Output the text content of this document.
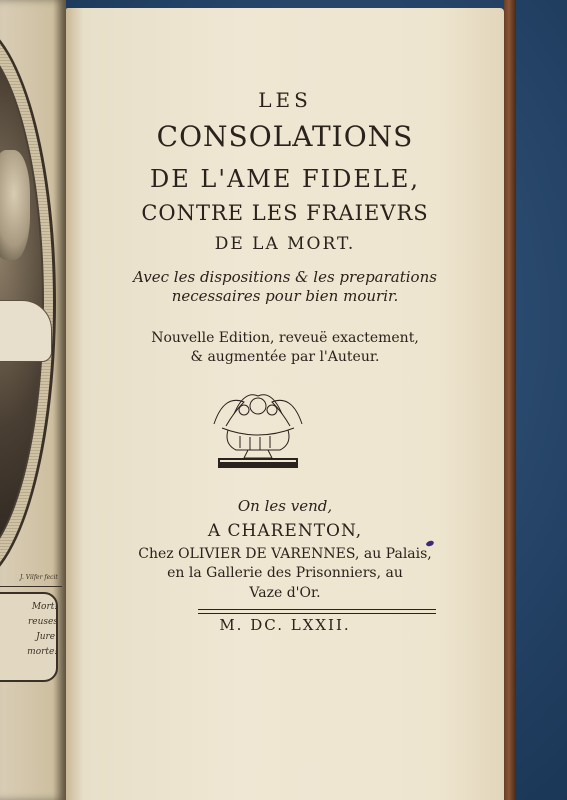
J. Vilfer fecit
Mort!
reuses
Jure.
morte!
LES
CONSOLATIONS
DE L'AME FIDELE,
CONTRE LES FRAIEVRS
DE LA MORT.
Avec les dispositions & les preparations
necessaires pour bien mourir.
Nouvelle Edition, reveuë exactement,
& augmentée par l'Auteur.
On les vend,
A CHARENTON,
Chez OLIVIER DE VARENNES, au Palais,
en la Gallerie des Prisonniers, au
Vaze d'Or.
M. DC. LXXII.
